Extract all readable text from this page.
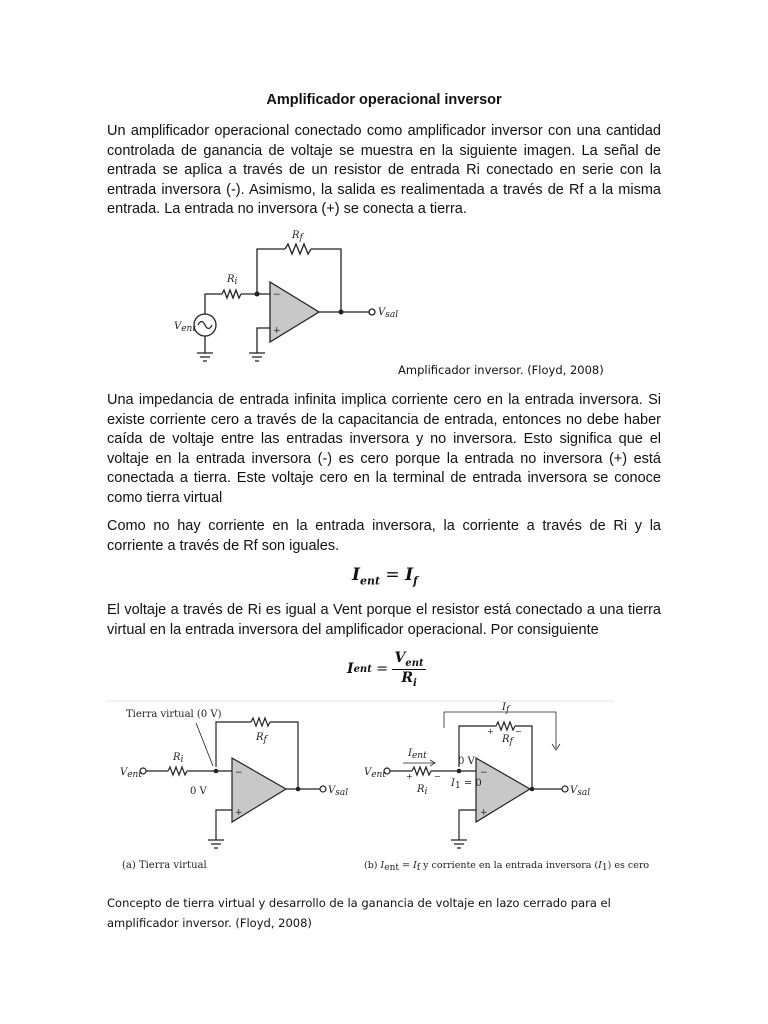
Amplificador operacional inversor

Un amplificador operacional conectado como amplificador inversor con una cantidad controlada de ganancia de voltaje se muestra en la siguiente imagen. La señal de entrada se aplica a través de un resistor de entrada Ri conectado en serie con la entrada inversora (-). Asimismo, la salida es realimentada a través de Rf a la misma entrada. La entrada no inversora (+) se conecta a tierra.

−
+
Rf
Ri
Vent
Vsal
Amplificador inversor. (Floyd, 2008)

Una impedancia de entrada infinita implica corriente cero en la entrada inversora. Si existe corriente cero a través de la capacitancia de entrada, entonces no debe haber caída de voltaje entre las entradas inversora y no inversora. Esto significa que el voltaje en la entrada inversora (-) es cero porque la entrada no inversora (+) está conectada a tierra. Este voltaje cero en la terminal de entrada inversora se conoce como tierra virtual

Como no hay corriente en la entrada inversora, la corriente a través de Ri y la corriente a través de Rf son iguales.

$I_{ent} = I_f$

El voltaje a través de Ri es igual a Vent porque el resistor está conectado a una tierra virtual en la entrada inversora del amplificador operacional. Por consiguiente

I ent =
$V_{ent}$
$R_i$
−
+
Tierra virtual (0 V)
0 V
Rf
Ri
Vent
Vsal
(a) Tierra virtual
−
+
+	−
+	−
If
Ient	0 V
I1 = 0
Rf
Ri
Vent
Vsal
(b) Ient = If y corriente en la entrada inversora (I1) es cero
Concepto de tierra virtual y desarrollo de la ganancia de voltaje en lazo cerrado para el amplificador inversor. (Floyd, 2008)
